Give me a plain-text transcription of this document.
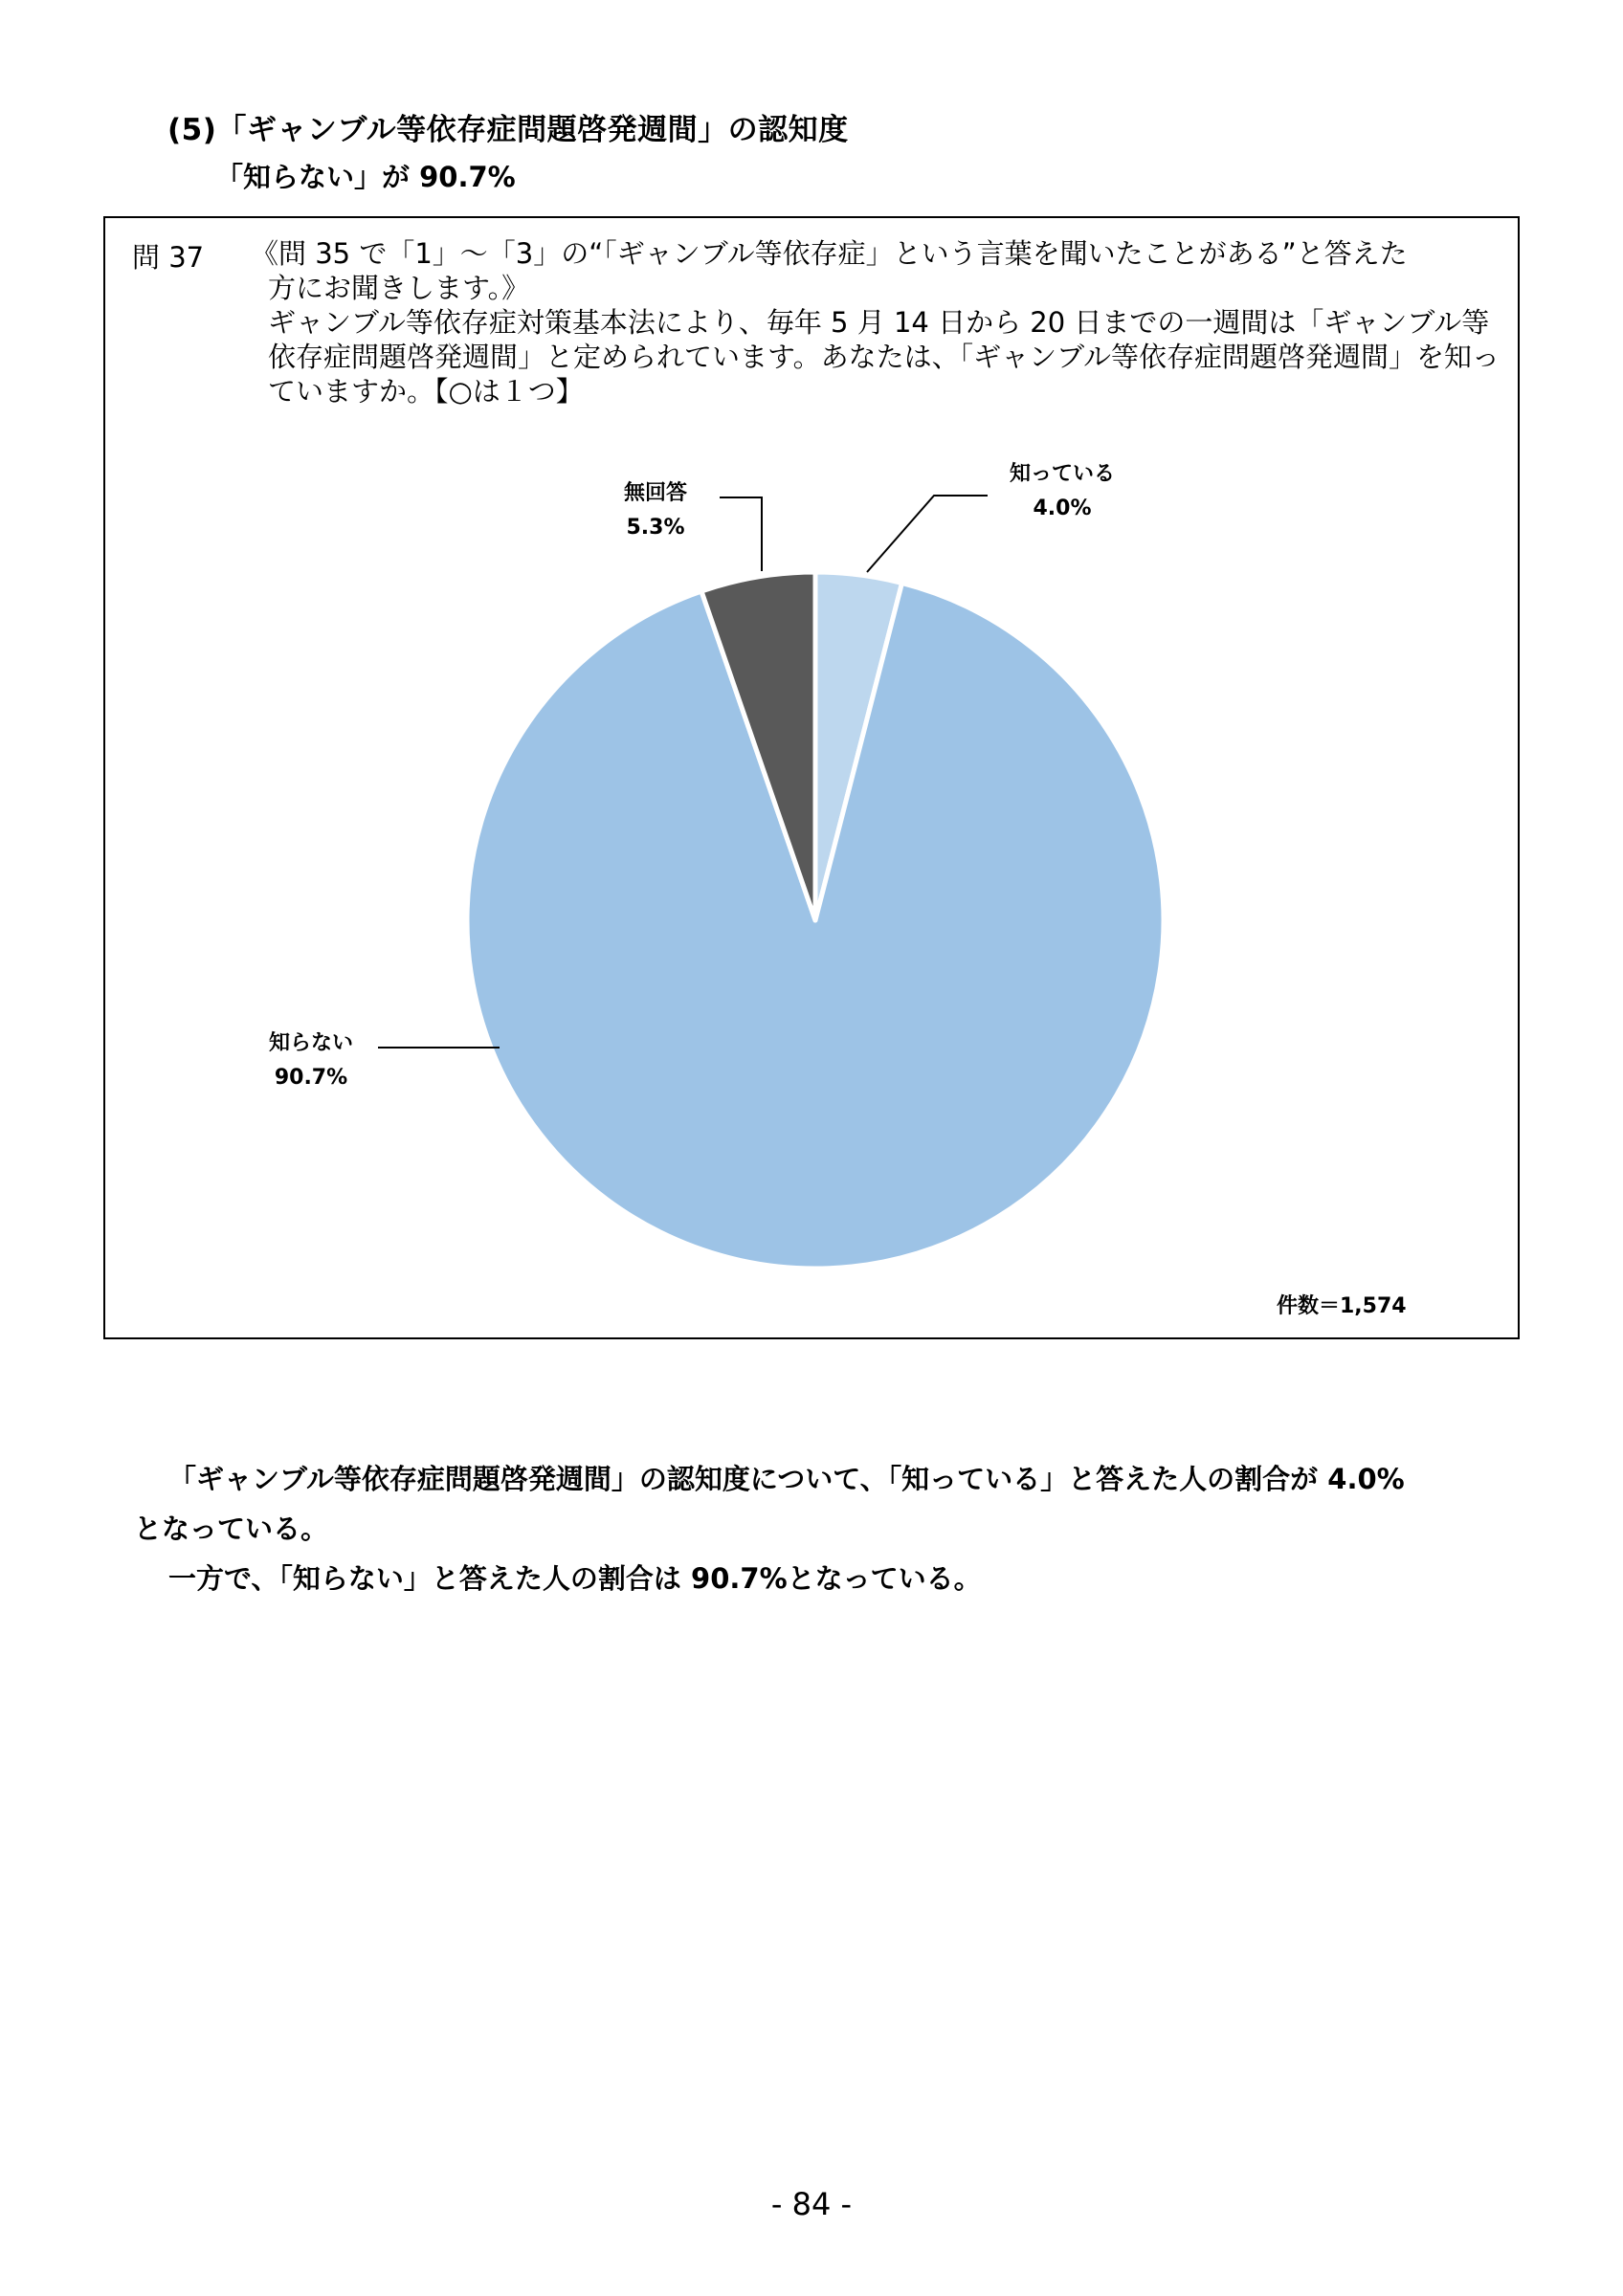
(5)「ギャンブル等依存症問題啓発週間」の認知度
「知らない」が 90.7%
問 37 《問 35 で「1」～「3」の“「ギャンブル等依存症」という言葉を聞いたことがある”と答えた
方にお聞きします。》
ギャンブル等依存症対策基本法により、毎年 5 月 14 日から 20 日までの一週間は「ギャンブル等依存症問題啓発週間」と定められています。あなたは、「ギャンブル等依存症問題啓発週間」を知っていますか。【○は１つ】
知っている
4.0%
無回答
5.3%
知らない
90.7%
件数＝1,574
「ギャンブル等依存症問題啓発週間」の認知度について、「知っている」と答えた人の割合が 4.0%
となっている。
一方で、「知らない」と答えた人の割合は 90.7%となっている。
- 84 -
